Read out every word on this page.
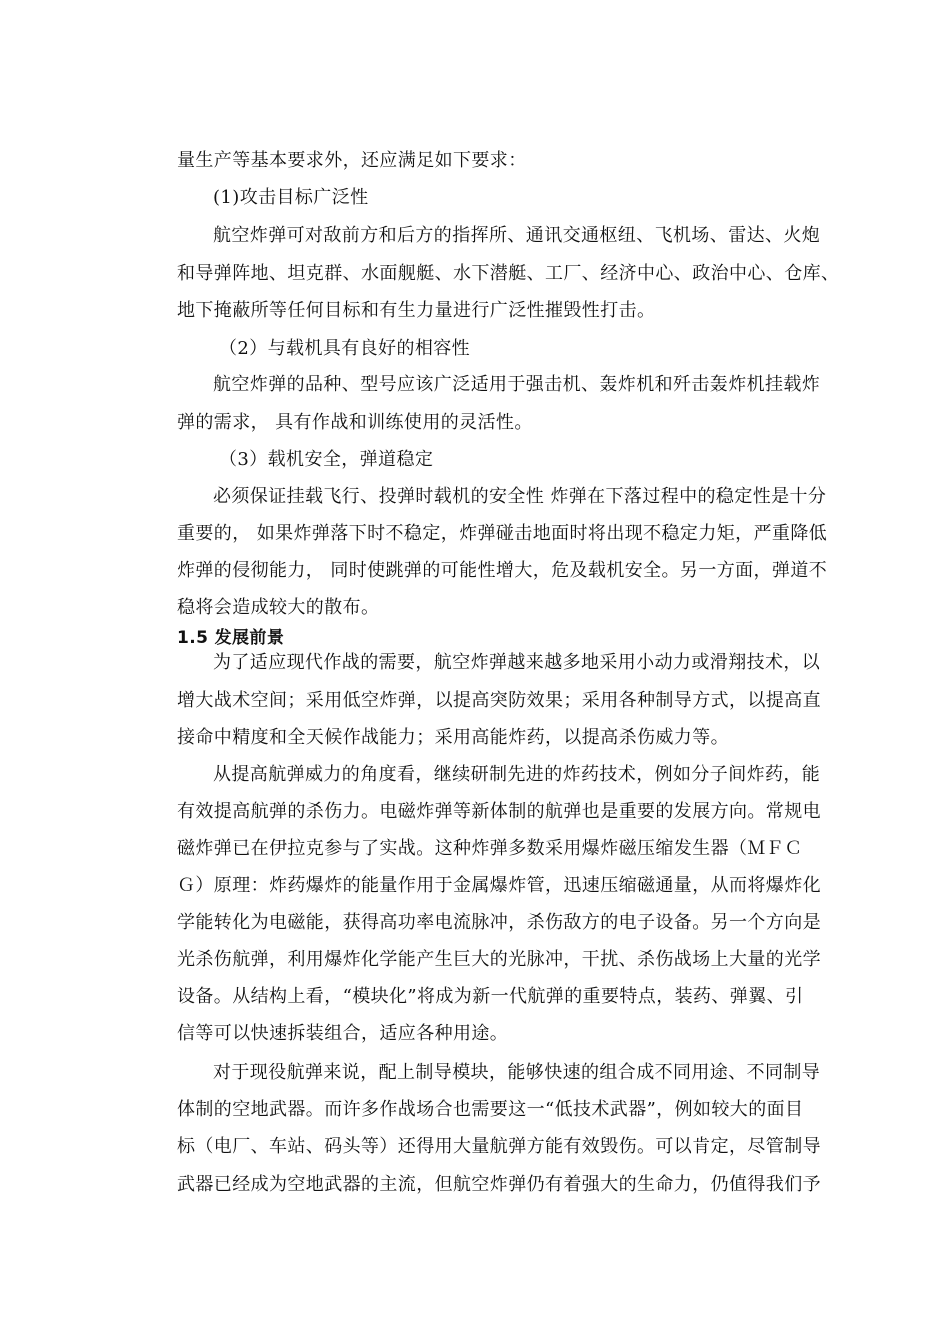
量生产等基本要求外，还应满足如下要求：
(1)攻击目标广泛性
航空炸弹可对敌前方和后方的指挥所、通讯交通枢纽、飞机场、雷达、火炮
和导弹阵地、坦克群、水面舰艇、水下潜艇、工厂、经济中心、政治中心、仓库、
地下掩蔽所等任何目标和有生力量进行广泛性摧毁性打击。
（2）与载机具有良好的相容性
航空炸弹的品种、型号应该广泛适用于强击机、轰炸机和歼击轰炸机挂载炸
弹的需求， 具有作战和训练使用的灵活性。
（3）载机安全，弹道稳定
必须保证挂载飞行、投弹时载机的安全性 炸弹在下落过程中的稳定性是十分
重要的， 如果炸弹落下时不稳定，炸弹碰击地面时将出现不稳定力矩，严重降低
炸弹的侵彻能力， 同时使跳弹的可能性增大，危及载机安全。另一方面，弹道不
稳将会造成较大的散布。
1.5 发展前景
为了适应现代作战的需要，航空炸弹越来越多地采用小动力或滑翔技术，以
增大战术空间；采用低空炸弹，以提高突防效果；采用各种制导方式，以提高直
接命中精度和全天候作战能力；采用高能炸药，以提高杀伤威力等。
从提高航弹威力的角度看，继续研制先进的炸药技术，例如分子间炸药，能
有效提高航弹的杀伤力。电磁炸弹等新体制的航弹也是重要的发展方向。常规电
磁炸弹已在伊拉克参与了实战。这种炸弹多数采用爆炸磁压缩发生器（ＭＦＣ
Ｇ）原理：炸药爆炸的能量作用于金属爆炸管，迅速压缩磁通量，从而将爆炸化
学能转化为电磁能，获得高功率电流脉冲，杀伤敌方的电子设备。另一个方向是
光杀伤航弹，利用爆炸化学能产生巨大的光脉冲，干扰、杀伤战场上大量的光学
设备。从结构上看，“模块化”将成为新一代航弹的重要特点，装药、弹翼、引
信等可以快速拆装组合，适应各种用途。
对于现役航弹来说，配上制导模块，能够快速的组合成不同用途、不同制导
体制的空地武器。而许多作战场合也需要这一“低技术武器”，例如较大的面目
标（电厂、车站、码头等）还得用大量航弹方能有效毁伤。可以肯定，尽管制导
武器已经成为空地武器的主流，但航空炸弹仍有着强大的生命力，仍值得我们予
